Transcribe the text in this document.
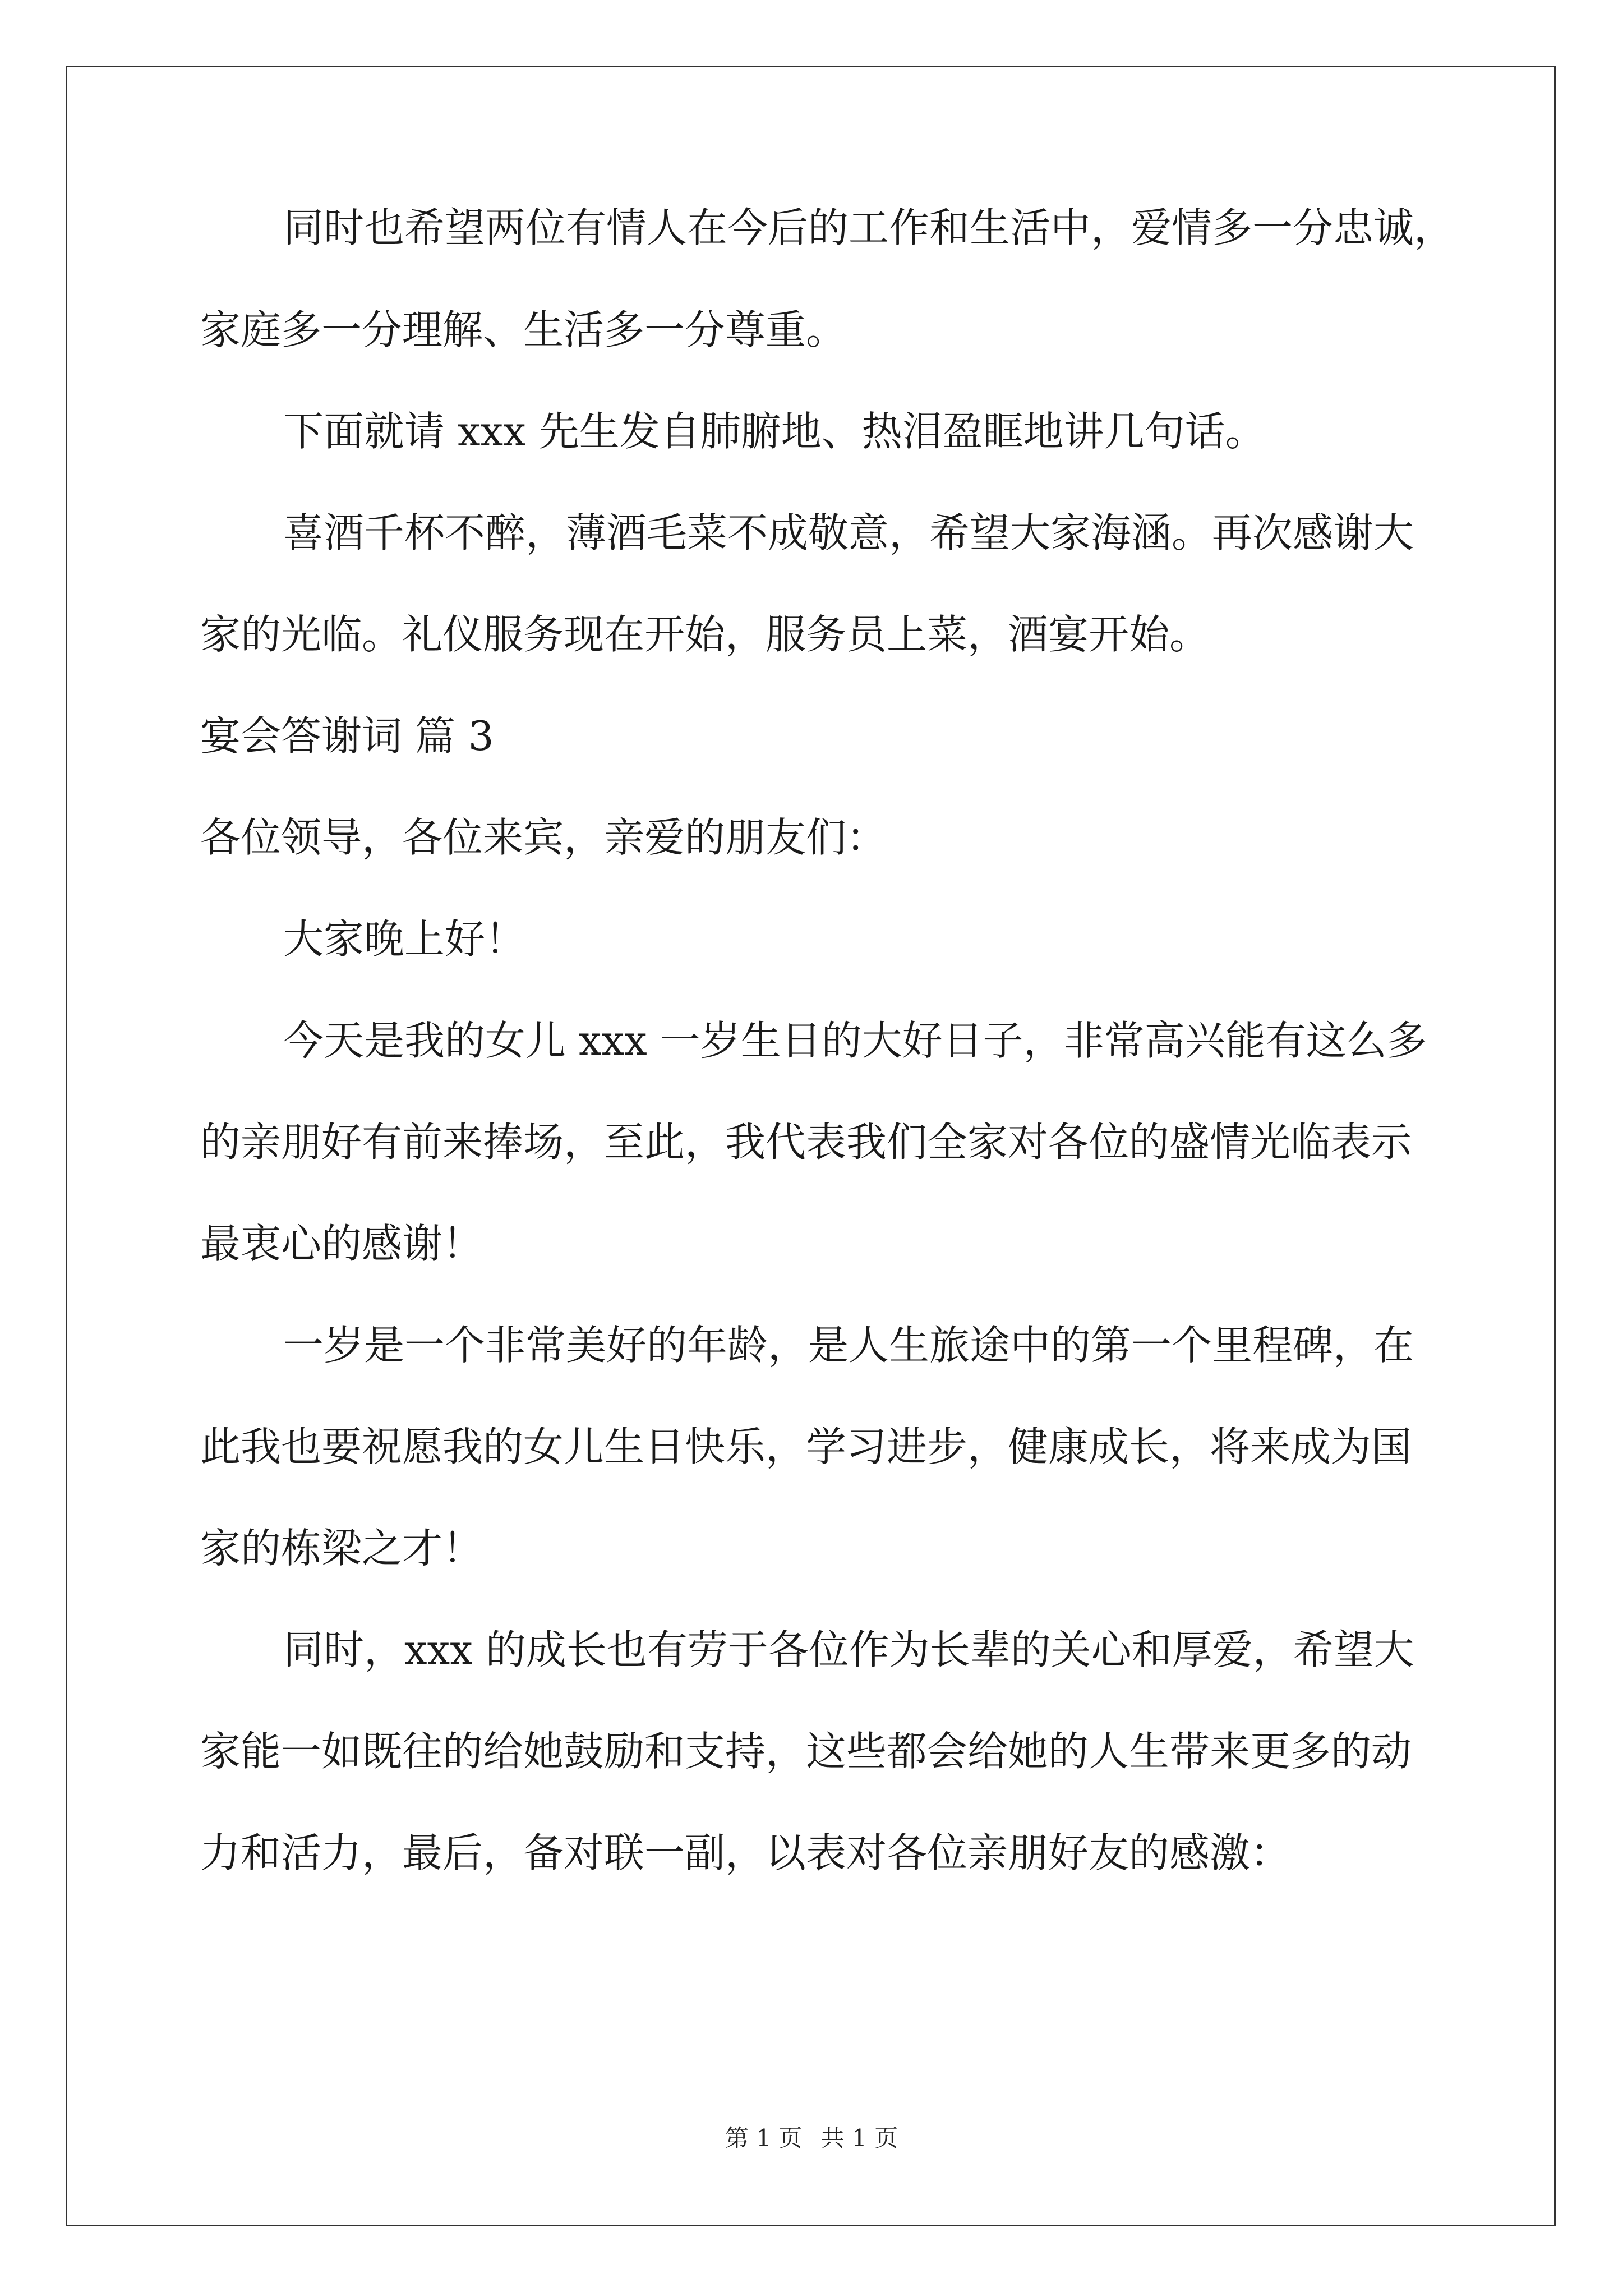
同时也希望两位有情人在今后的工作和生活中，爱情多一分忠诚，

家庭多一分理解、生活多一分尊重。

下面就请 xxx 先生发自肺腑地、热泪盈眶地讲几句话。

喜酒千杯不醉，薄酒毛菜不成敬意，希望大家海涵。再次感谢大

家的光临。礼仪服务现在开始，服务员上菜，酒宴开始。

宴会答谢词 篇 3

各位领导，各位来宾，亲爱的朋友们：

大家晚上好！

今天是我的女儿 xxx 一岁生日的大好日子，非常高兴能有这么多

的亲朋好有前来捧场，至此，我代表我们全家对各位的盛情光临表示

最衷心的感谢！

一岁是一个非常美好的年龄，是人生旅途中的第一个里程碑，在

此我也要祝愿我的女儿生日快乐，学习进步，健康成长，将来成为国

家的栋梁之才！

同时，xxx 的成长也有劳于各位作为长辈的关心和厚爱，希望大

家能一如既往的给她鼓励和支持，这些都会给她的人生带来更多的动

力和活力，最后，备对联一副，以表对各位亲朋好友的感激：

第 1 页 共 1 页
